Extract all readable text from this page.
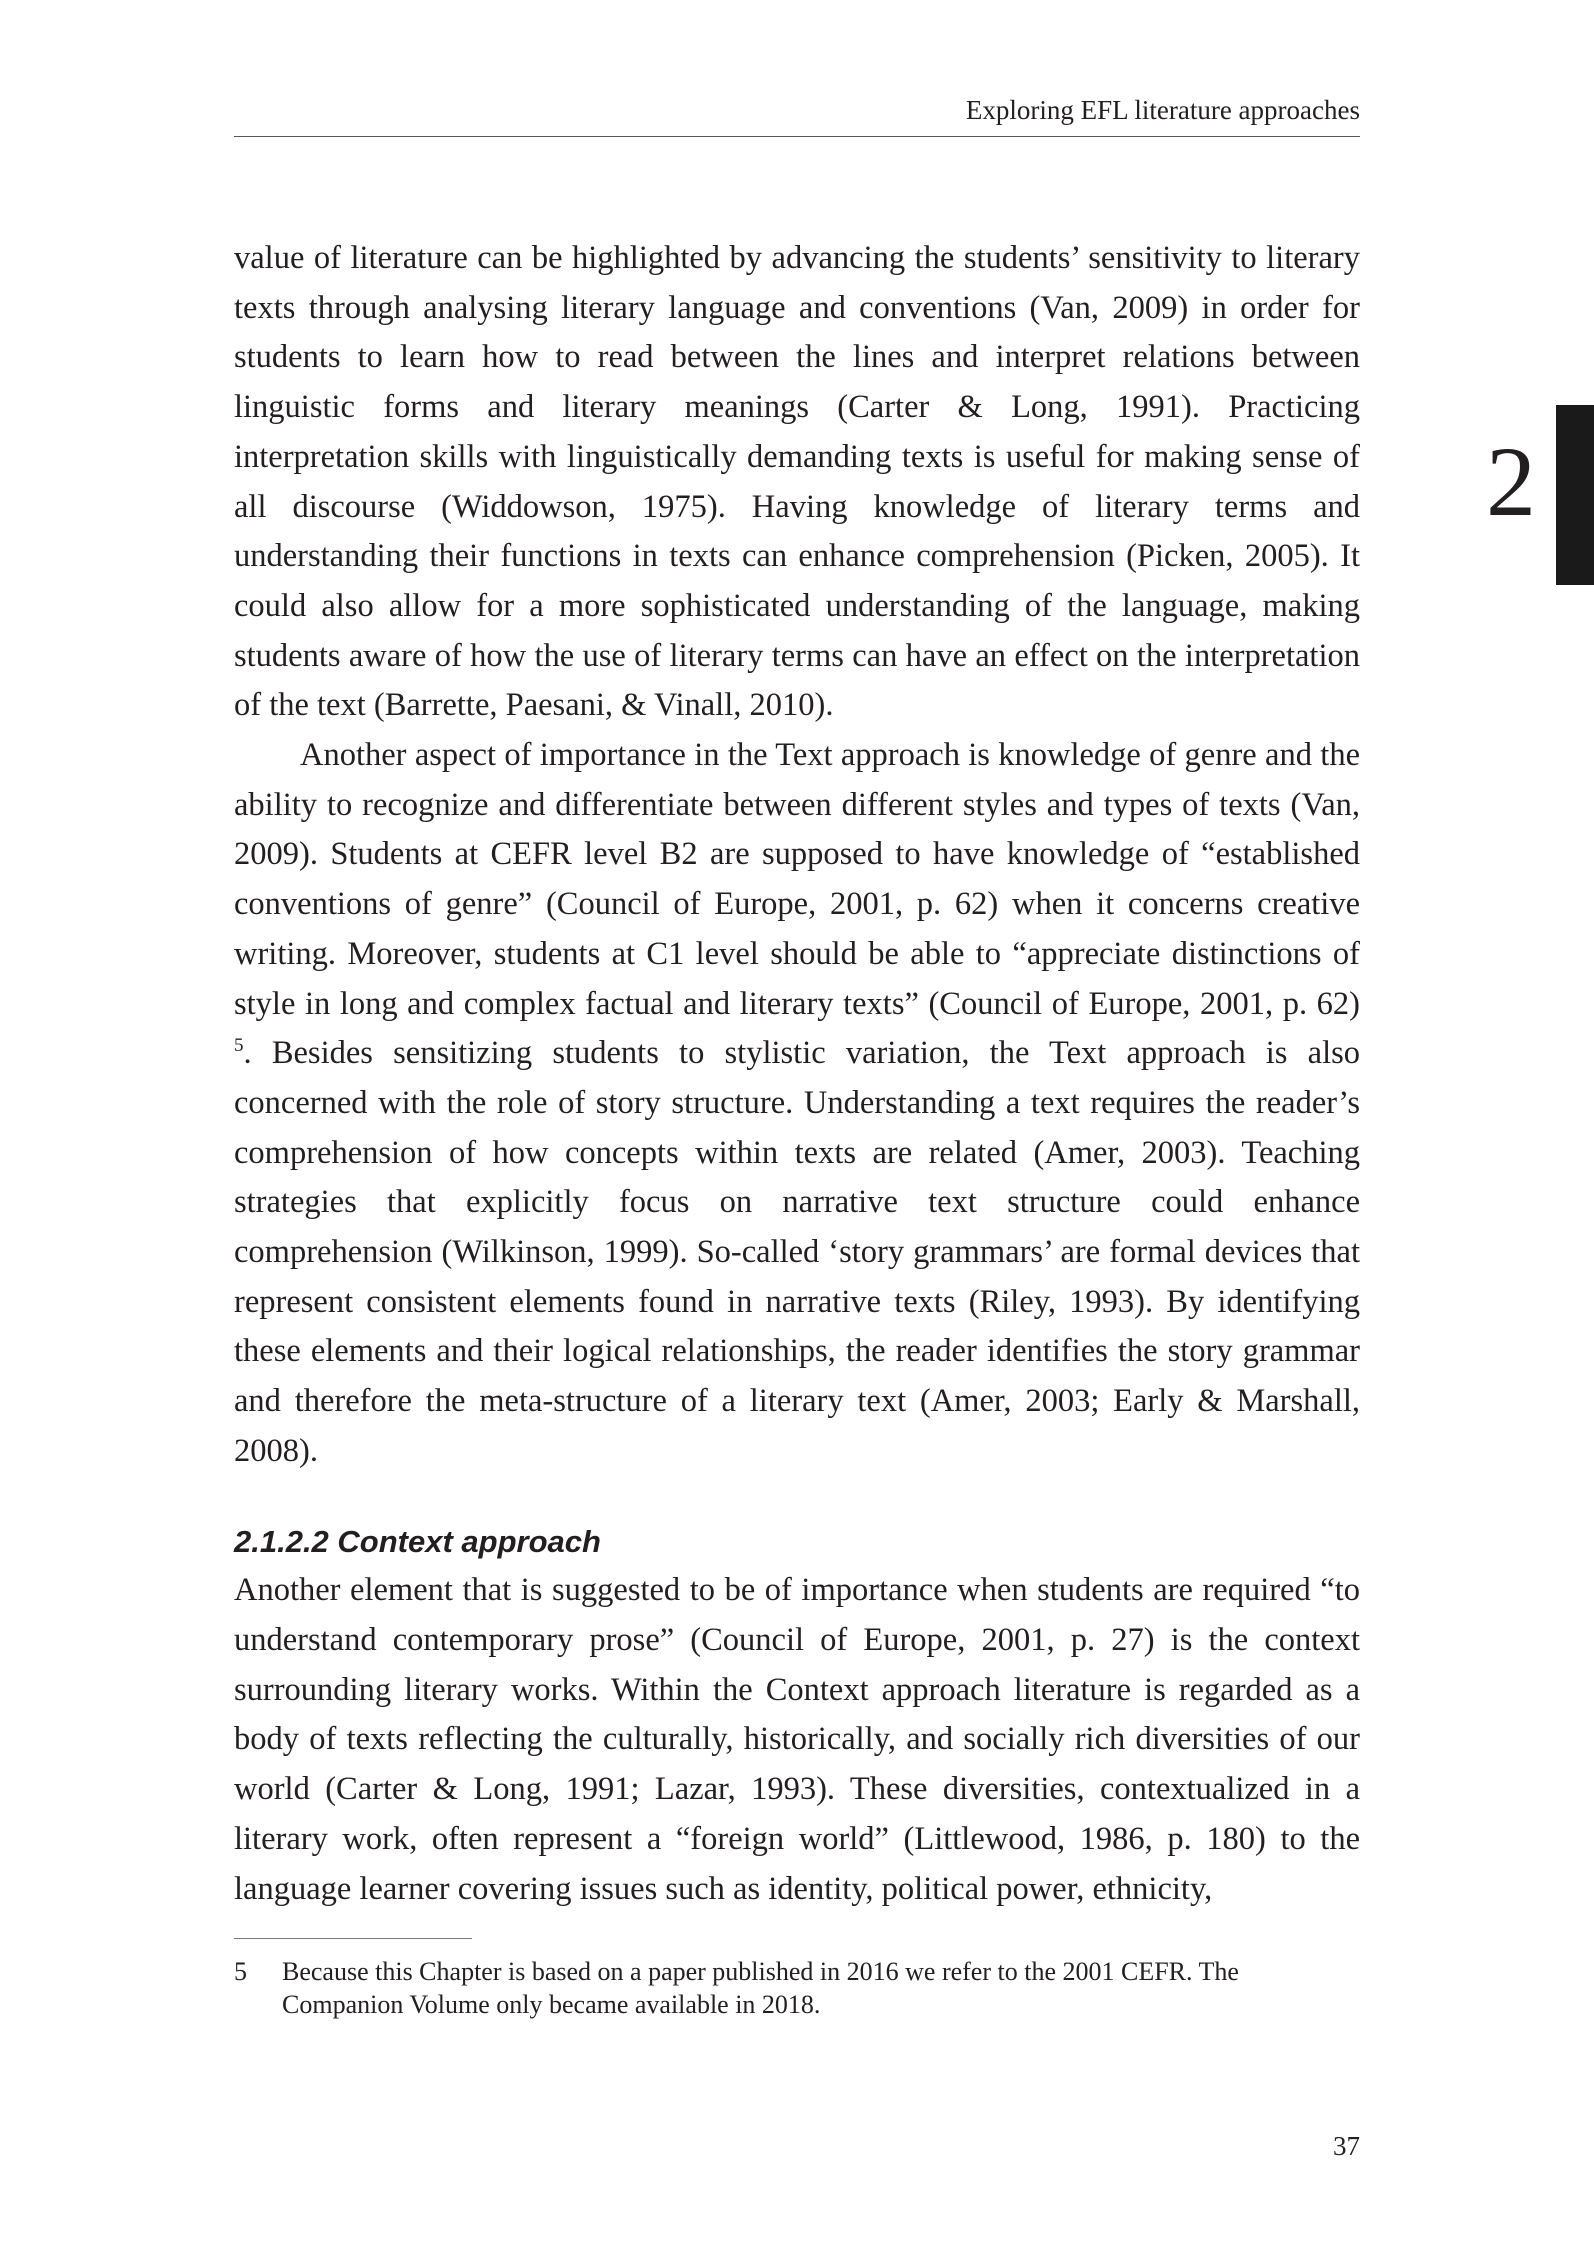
Exploring EFL literature approaches
2

value of literature can be highlighted by advancing the students’ sensitivity to literary texts through analysing literary language and conventions (Van, 2009) in order for students to learn how to read between the lines and interpret relations between linguistic forms and literary meanings (Carter & Long, 1991). Practicing interpretation skills with linguistically demanding texts is useful for making sense of all discourse (Widdowson, 1975). Having knowledge of literary terms and understanding their functions in texts can enhance comprehension (Picken, 2005). It could also allow for a more sophisticated understanding of the language, making students aware of how the use of literary terms can have an effect on the interpretation of the text (Barrette, Paesani, & Vinall, 2010).

Another aspect of importance in the Text approach is knowledge of genre and the ability to recognize and differentiate between different styles and types of texts (Van, 2009). Students at CEFR level B2 are supposed to have knowledge of “established conventions of genre” (Council of Europe, 2001, p. 62) when it concerns creative writing. Moreover, students at C1 level should be able to “appreciate distinctions of style in long and complex factual and literary texts” (Council of Europe, 2001, p. 62) $^5$. Besides sensitizing students to stylistic variation, the Text approach is also concerned with the role of story structure. Understanding a text requires the reader’s comprehension of how concepts within texts are related (Amer, 2003). Teaching strategies that explicitly focus on narrative text structure could enhance comprehension (Wilkinson, 1999). So-called ‘story grammars’ are formal devices that represent consistent elements found in narrative texts (Riley, 1993). By identifying these elements and their logical relationships, the reader identifies the story grammar and therefore the meta-structure of a literary text (Amer, 2003; Early & Marshall, 2008).

2.1.2.2 Context approach

Another element that is suggested to be of importance when students are required “to understand contemporary prose” (Council of Europe, 2001, p. 27) is the context surrounding literary works. Within the Context approach literature is regarded as a body of texts reflecting the culturally, historically, and socially rich diversities of our world (Carter & Long, 1991; Lazar, 1993). These diversities, contextualized in a literary work, often represent a “foreign world” (Littlewood, 1986, p. 180) to the language learner covering issues such as identity, political power, ethnicity,

5 Because this Chapter is based on a paper published in 2016 we refer to the 2001 CEFR. The Companion Volume only became available in 2018.
37
